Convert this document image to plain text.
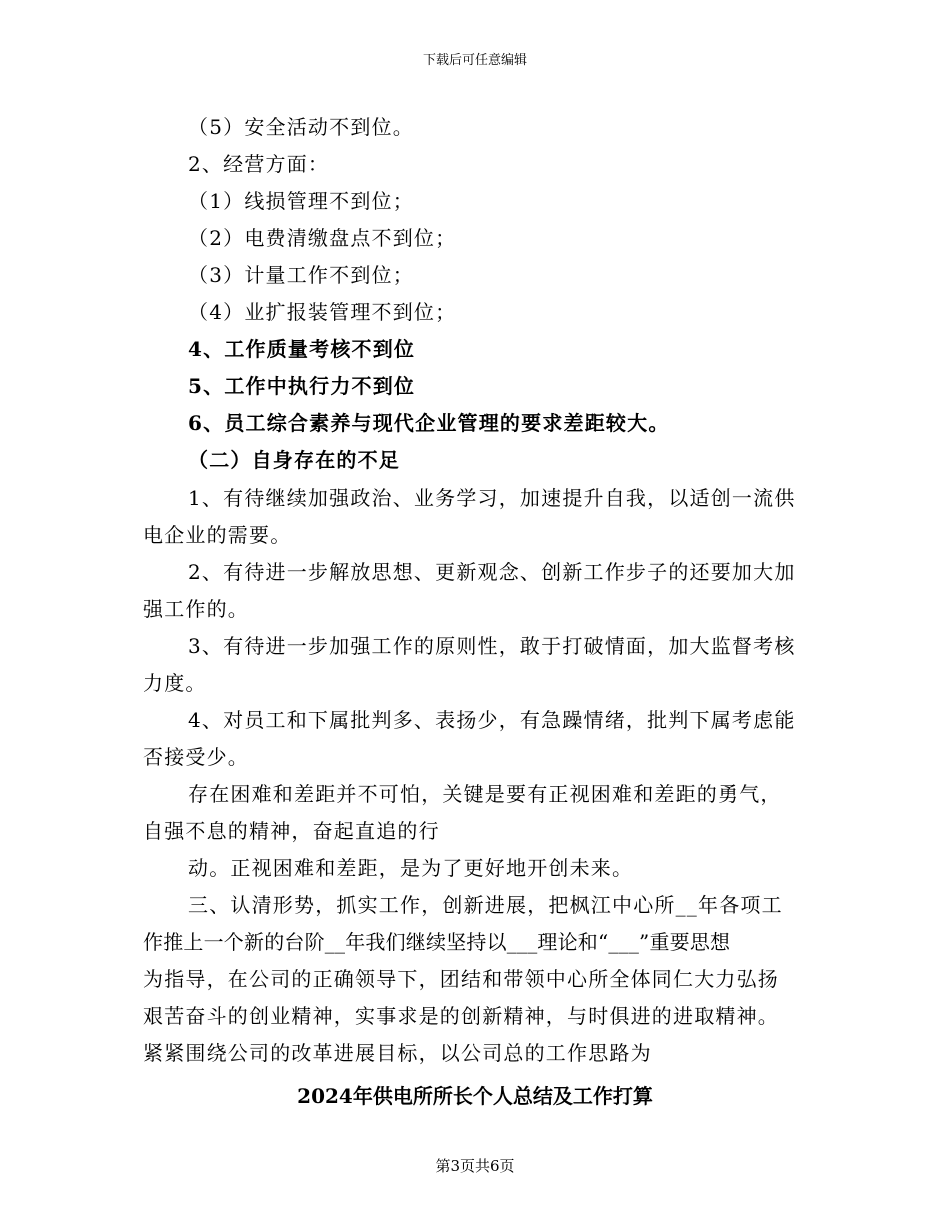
下载后可任意编辑
（5）安全活动不到位。
2、经营方面：
（1）线损管理不到位；
（2）电费清缴盘点不到位；
（3）计量工作不到位；
（4）业扩报装管理不到位；
4、工作质量考核不到位
5、工作中执行力不到位
6、员工综合素养与现代企业管理的要求差距较大。
（二）自身存在的不足
1、有待继续加强政治、业务学习，加速提升自我，以适创一流供
电企业的需要。
2、有待进一步解放思想、更新观念、创新工作步子的还要加大加
强工作的。
3、有待进一步加强工作的原则性，敢于打破情面，加大监督考核
力度。
4、对员工和下属批判多、表扬少，有急躁情绪，批判下属考虑能
否接受少。
存在困难和差距并不可怕，关键是要有正视困难和差距的勇气，
自强不息的精神，奋起直追的行
动。正视困难和差距，是为了更好地开创未来。
三、认清形势，抓实工作，创新进展，把枫江中心所__年各项工
作推上一个新的台阶__年我们继续坚持以___理论和“___”重要思想
为指导，在公司的正确领导下，团结和带领中心所全体同仁大力弘扬
艰苦奋斗的创业精神，实事求是的创新精神，与时俱进的进取精神。
紧紧围绕公司的改革进展目标，以公司总的工作思路为
2024年供电所所长个人总结及工作打算
第3页共6页
